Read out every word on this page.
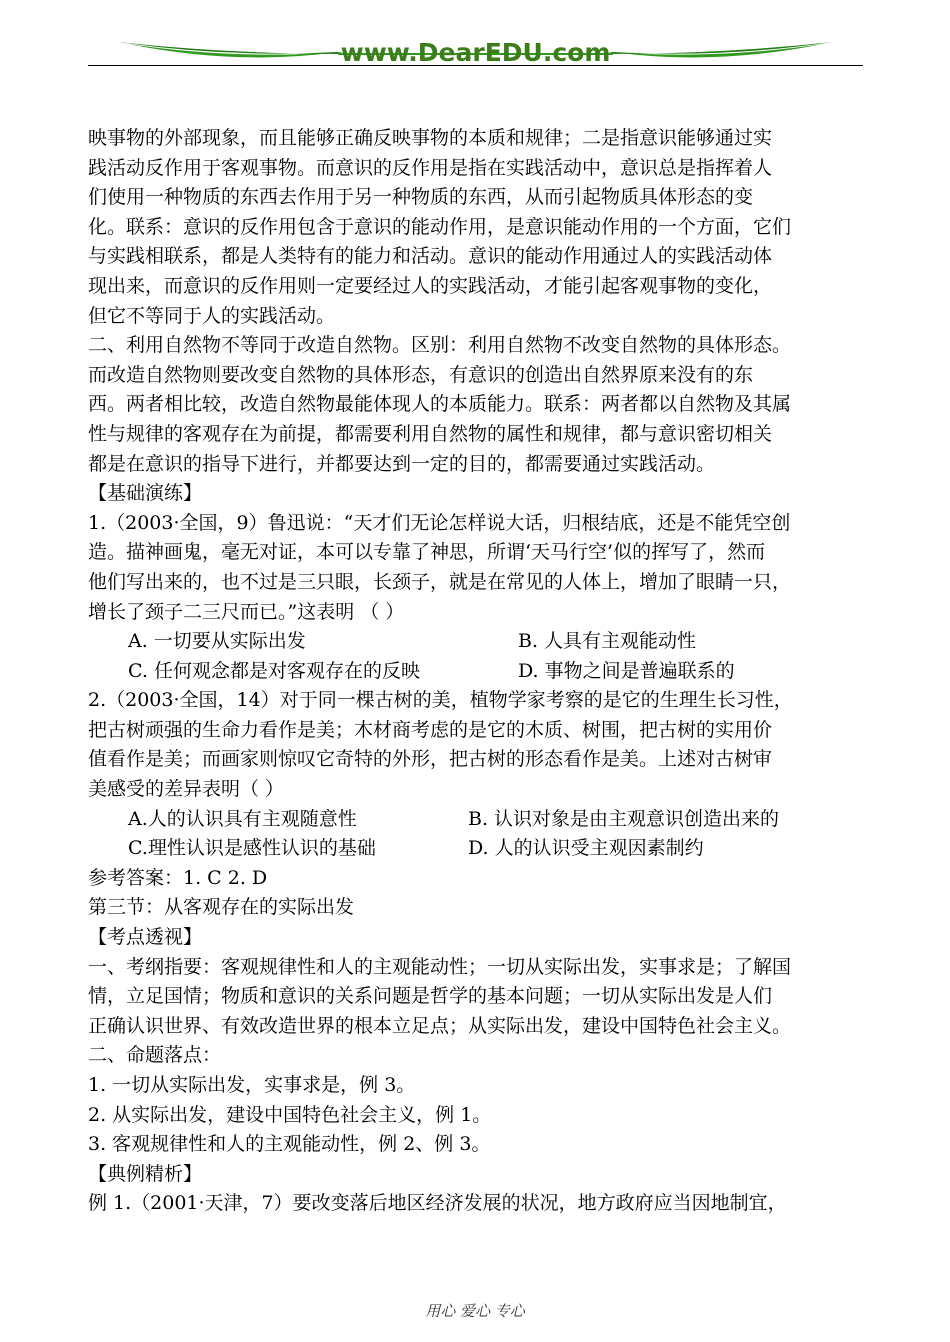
www.DearEDU.com
映事物的外部现象，而且能够正确反映事物的本质和规律；二是指意识能够通过实
践活动反作用于客观事物。而意识的反作用是指在实践活动中，意识总是指挥着人
们使用一种物质的东西去作用于另一种物质的东西，从而引起物质具体形态的变
化。联系：意识的反作用包含于意识的能动作用，是意识能动作用的一个方面，它们
与实践相联系，都是人类特有的能力和活动。意识的能动作用通过人的实践活动体
现出来，而意识的反作用则一定要经过人的实践活动，才能引起客观事物的变化，
但它不等同于人的实践活动。
二、利用自然物不等同于改造自然物。区别：利用自然物不改变自然物的具体形态。
而改造自然物则要改变自然物的具体形态，有意识的创造出自然界原来没有的东
西。两者相比较，改造自然物最能体现人的本质能力。联系：两者都以自然物及其属
性与规律的客观存在为前提，都需要利用自然物的属性和规律，都与意识密切相关
都是在意识的指导下进行，并都要达到一定的目的，都需要通过实践活动。
【基础演练】
1.（2003·全国，9）鲁迅说：“天才们无论怎样说大话，归根结底，还是不能凭空创
造。描神画鬼，毫无对证，本可以专靠了神思，所谓‘天马行空’似的挥写了，然而
他们写出来的，也不过是三只眼，长颈子，就是在常见的人体上，增加了眼睛一只，
增长了颈子二三尺而已。”这表明 （ ）
A. 一切要从实际出发	B. 人具有主观能动性
C. 任何观念都是对客观存在的反映	D. 事物之间是普遍联系的
2.（2003·全国，14）对于同一棵古树的美，植物学家考察的是它的生理生长习性，
把古树顽强的生命力看作是美；木材商考虑的是它的木质、树围，把古树的实用价
值看作是美；而画家则惊叹它奇特的外形，把古树的形态看作是美。上述对古树审
美感受的差异表明（ ）
A.人的认识具有主观随意性	B. 认识对象是由主观意识创造出来的
C.理性认识是感性认识的基础	D. 人的认识受主观因素制约
参考答案：1. C 2. D
第三节：从客观存在的实际出发
【考点透视】
一、考纲指要：客观规律性和人的主观能动性；一切从实际出发，实事求是；了解国
情，立足国情；物质和意识的关系问题是哲学的基本问题；一切从实际出发是人们
正确认识世界、有效改造世界的根本立足点；从实际出发，建设中国特色社会主义。
二、命题落点：
1. 一切从实际出发，实事求是，例 3。
2. 从实际出发，建设中国特色社会主义，例 1。
3. 客观规律性和人的主观能动性，例 2、例 3。
【典例精析】
例 1.（2001·天津，7）要改变落后地区经济发展的状况，地方政府应当因地制宜，
用心 爱心 专心
